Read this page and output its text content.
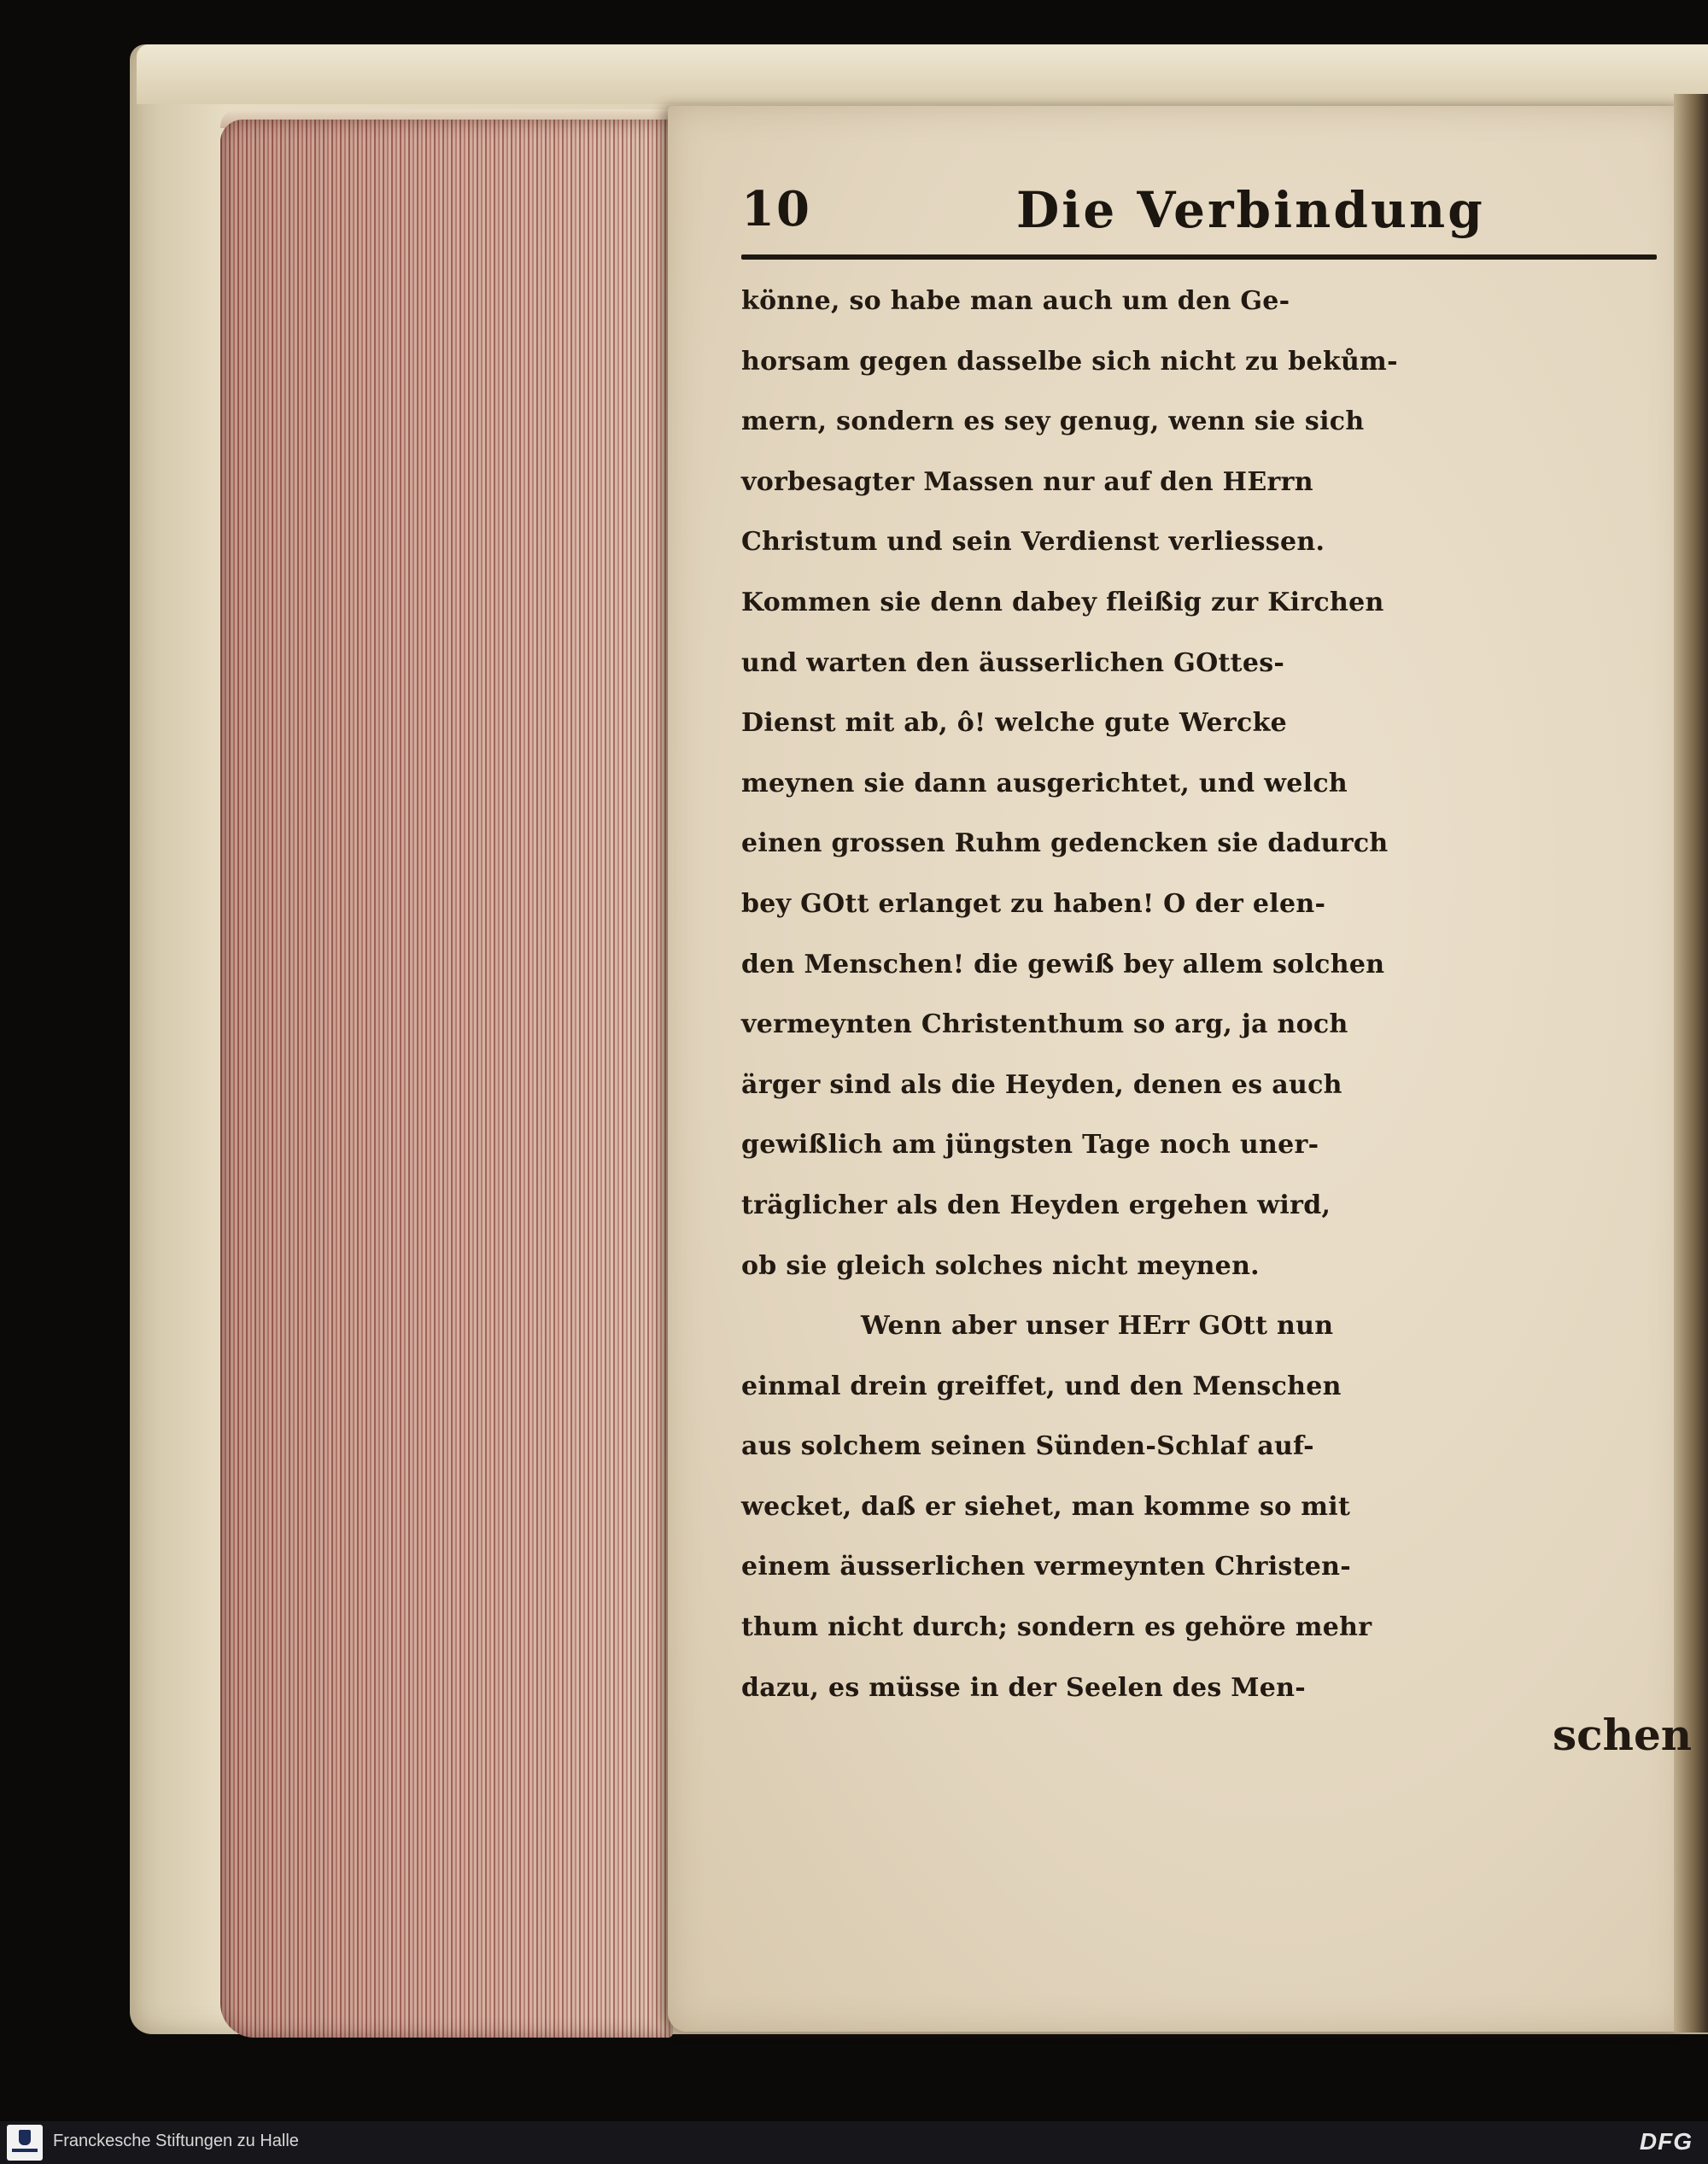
10	Die Verbindung
könne, so habe man auch um den Ge-
horsam gegen dasselbe sich nicht zu bekům-
mern, sondern es sey genug, wenn sie sich
vorbesagter Massen nur auf den HErrn
Christum und sein Verdienst verliessen.
Kommen sie denn dabey fleißig zur Kirchen
und warten den äusserlichen GOttes-
Dienst mit ab, ô! welche gute Wercke
meynen sie dann ausgerichtet, und welch
einen grossen Ruhm gedencken sie dadurch
bey GOtt erlanget zu haben! O der elen-
den Menschen! die gewiß bey allem solchen
vermeynten Christenthum so arg, ja noch
ärger sind als die Heyden, denen es auch
gewißlich am jüngsten Tage noch uner-
träglicher als den Heyden ergehen wird,
ob sie gleich solches nicht meynen.
Wenn aber unser HErr GOtt nun
einmal drein greiffet, und den Menschen
aus solchem seinen Sünden-Schlaf auf-
wecket, daß er siehet, man komme so mit
einem äusserlichen vermeynten Christen-
thum nicht durch; sondern es gehöre mehr
dazu, es müsse in der Seelen des Men-
schen
Franckesche Stiftungen zu Halle	DFG
